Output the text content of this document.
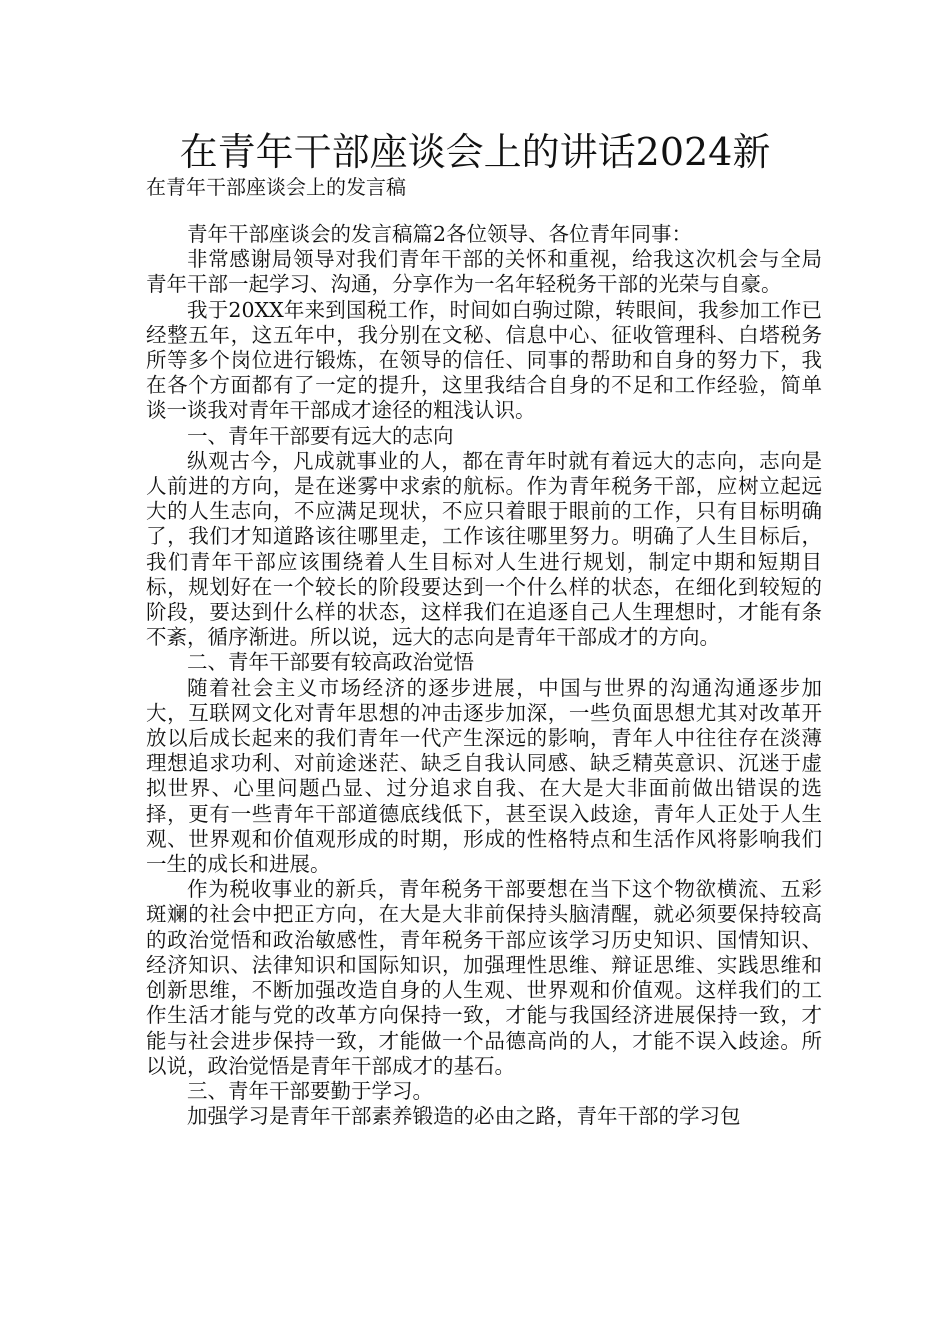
在青年干部座谈会上的讲话2024新
在青年干部座谈会上的发言稿

青年干部座谈会的发言稿篇2各位领导、各位青年同事：

非常感谢局领导对我们青年干部的关怀和重视，给我这次机会与全局青年干部一起学习、沟通，分享作为一名年轻税务干部的光荣与自豪。

我于20XX年来到国税工作，时间如白驹过隙，转眼间，我参加工作已经整五年，这五年中，我分别在文秘、信息中心、征收管理科、白塔税务所等多个岗位进行锻炼，在领导的信任、同事的帮助和自身的努力下，我在各个方面都有了一定的提升，这里我结合自身的不足和工作经验，简单谈一谈我对青年干部成才途径的粗浅认识。

一、青年干部要有远大的志向

纵观古今，凡成就事业的人，都在青年时就有着远大的志向，志向是人前进的方向，是在迷雾中求索的航标。作为青年税务干部，应树立起远大的人生志向，不应满足现状，不应只着眼于眼前的工作，只有目标明确了，我们才知道路该往哪里走，工作该往哪里努力。明确了人生目标后，我们青年干部应该围绕着人生目标对人生进行规划，制定中期和短期目标，规划好在一个较长的阶段要达到一个什么样的状态，在细化到较短的阶段，要达到什么样的状态，这样我们在追逐自己人生理想时，才能有条不紊，循序渐进。所以说，远大的志向是青年干部成才的方向。

二、青年干部要有较高政治觉悟

随着社会主义市场经济的逐步进展，中国与世界的沟通沟通逐步加大，互联网文化对青年思想的冲击逐步加深，一些负面思想尤其对改革开放以后成长起来的我们青年一代产生深远的影响，青年人中往往存在淡薄理想追求功利、对前途迷茫、缺乏自我认同感、缺乏精英意识、沉迷于虚拟世界、心里问题凸显、过分追求自我、在大是大非面前做出错误的选择，更有一些青年干部道德底线低下，甚至误入歧途，青年人正处于人生观、世界观和价值观形成的时期，形成的性格特点和生活作风将影响我们一生的成长和进展。

作为税收事业的新兵，青年税务干部要想在当下这个物欲横流、五彩斑斓的社会中把正方向，在大是大非前保持头脑清醒，就必须要保持较高的政治觉悟和政治敏感性，青年税务干部应该学习历史知识、国情知识、经济知识、法律知识和国际知识，加强理性思维、辩证思维、实践思维和创新思维，不断加强改造自身的人生观、世界观和价值观。这样我们的工作生活才能与党的改革方向保持一致，才能与我国经济进展保持一致，才能与社会进步保持一致，才能做一个品德高尚的人，才能不误入歧途。所以说，政治觉悟是青年干部成才的基石。

三、青年干部要勤于学习。

加强学习是青年干部素养锻造的必由之路，青年干部的学习包
